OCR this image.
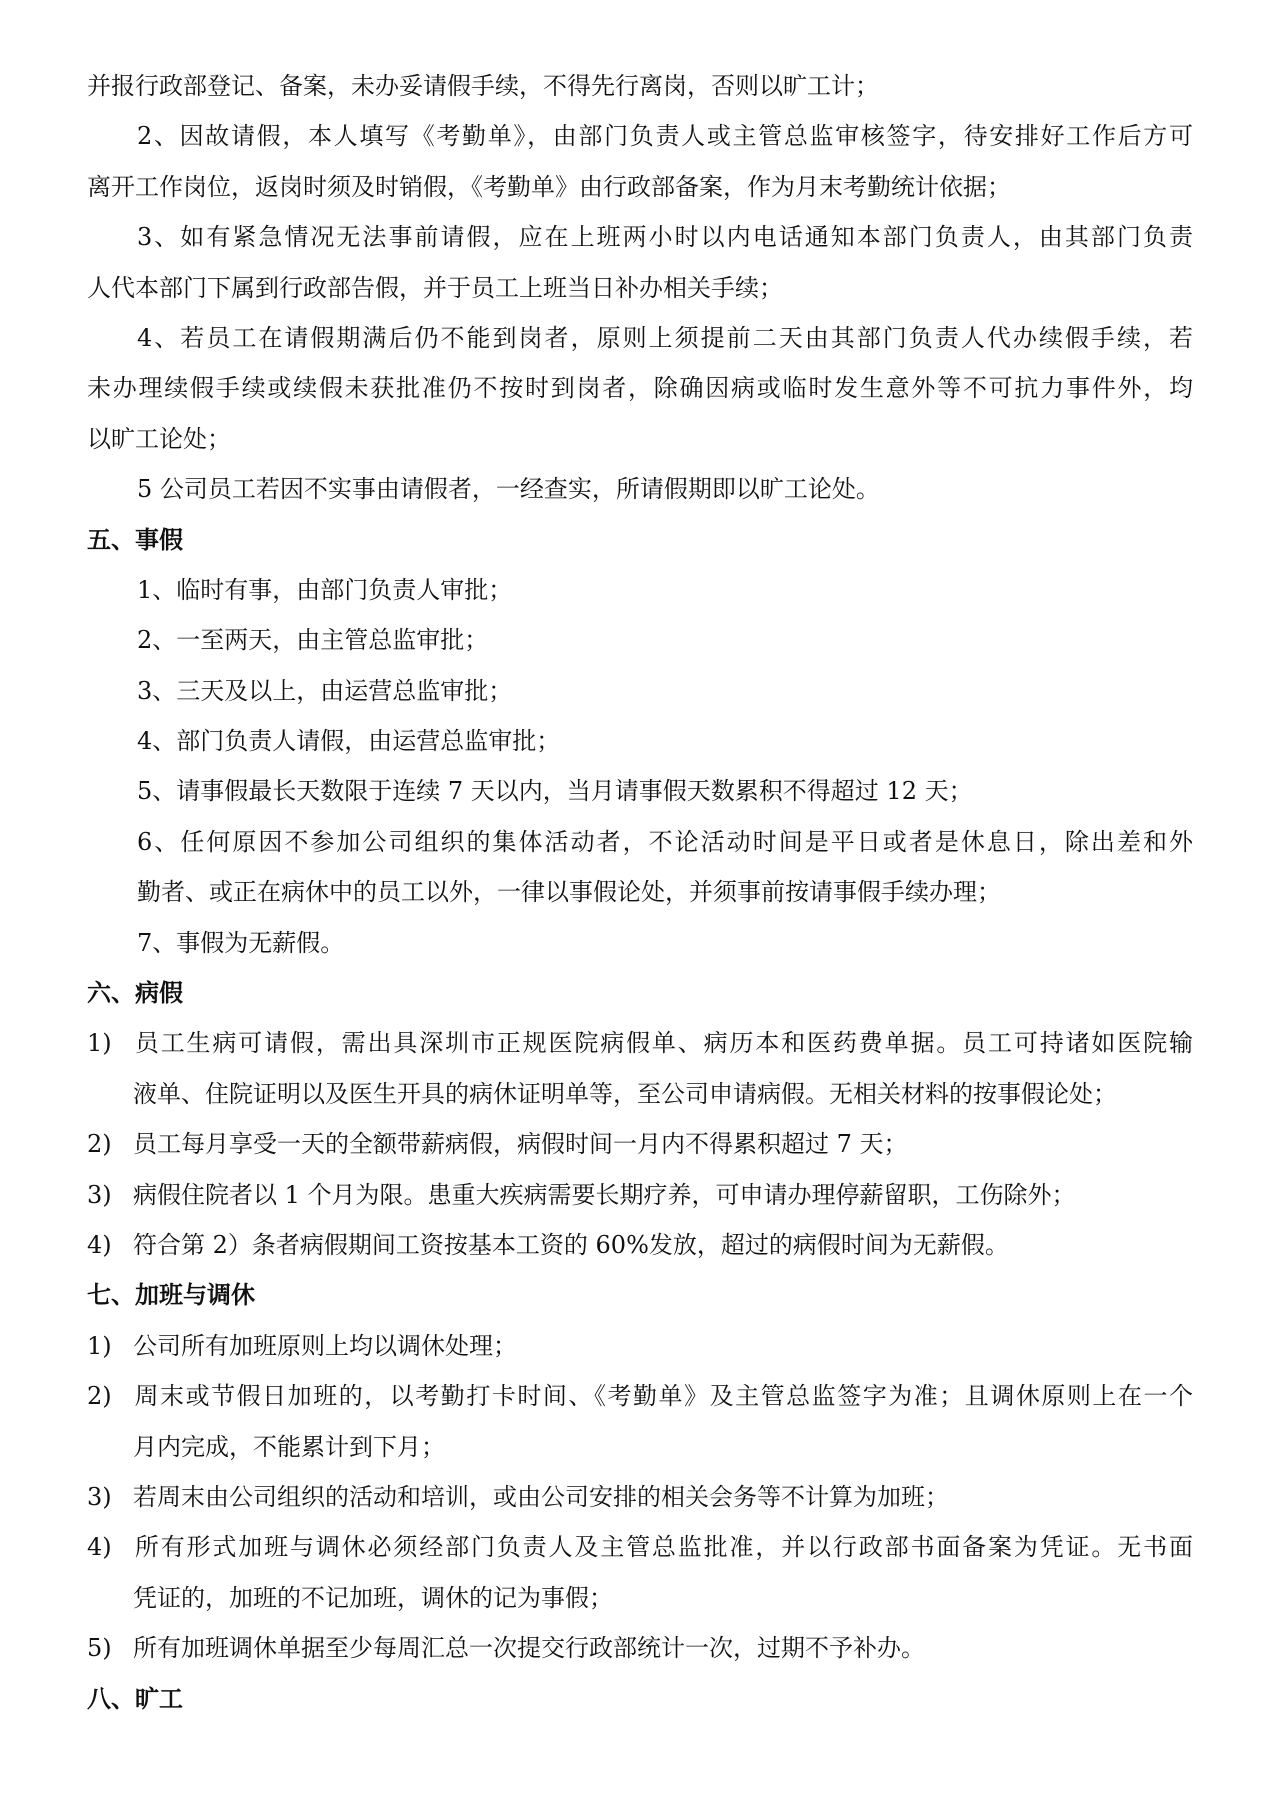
并报行政部登记、备案，未办妥请假手续，不得先行离岗，否则以旷工计；
2、因故请假，本人填写《考勤单》，由部门负责人或主管总监审核签字，待安排好工作后方可
离开工作岗位，返岗时须及时销假，《考勤单》由行政部备案，作为月末考勤统计依据；
3、如有紧急情况无法事前请假，应在上班两小时以内电话通知本部门负责人，由其部门负责
人代本部门下属到行政部告假，并于员工上班当日补办相关手续；
4、若员工在请假期满后仍不能到岗者，原则上须提前二天由其部门负责人代办续假手续，若
未办理续假手续或续假未获批准仍不按时到岗者，除确因病或临时发生意外等不可抗力事件外，均
以旷工论处；
5 公司员工若因不实事由请假者，一经查实，所请假期即以旷工论处。
五、事假
1、临时有事，由部门负责人审批；
2、一至两天，由主管总监审批；
3、三天及以上，由运营总监审批；
4、部门负责人请假，由运营总监审批；
5、请事假最长天数限于连续 7 天以内，当月请事假天数累积不得超过 12 天；
6、任何原因不参加公司组织的集体活动者，不论活动时间是平日或者是休息日，除出差和外
勤者、或正在病休中的员工以外，一律以事假论处，并须事前按请事假手续办理；
7、事假为无薪假。
六、病假
1) 员工生病可请假，需出具深圳市正规医院病假单、病历本和医药费单据。员工可持诸如医院输
液单、住院证明以及医生开具的病休证明单等，至公司申请病假。无相关材料的按事假论处；
2) 员工每月享受一天的全额带薪病假，病假时间一月内不得累积超过 7 天；
3) 病假住院者以 1 个月为限。患重大疾病需要长期疗养，可申请办理停薪留职，工伤除外；
4) 符合第 2）条者病假期间工资按基本工资的 60%发放，超过的病假时间为无薪假。
七、加班与调休
1) 公司所有加班原则上均以调休处理；
2) 周末或节假日加班的，以考勤打卡时间、《考勤单》及主管总监签字为准；且调休原则上在一个
月内完成，不能累计到下月；
3) 若周末由公司组织的活动和培训，或由公司安排的相关会务等不计算为加班；
4) 所有形式加班与调休必须经部门负责人及主管总监批准，并以行政部书面备案为凭证。无书面
凭证的，加班的不记加班，调休的记为事假；
5) 所有加班调休单据至少每周汇总一次提交行政部统计一次，过期不予补办。
八、旷工
